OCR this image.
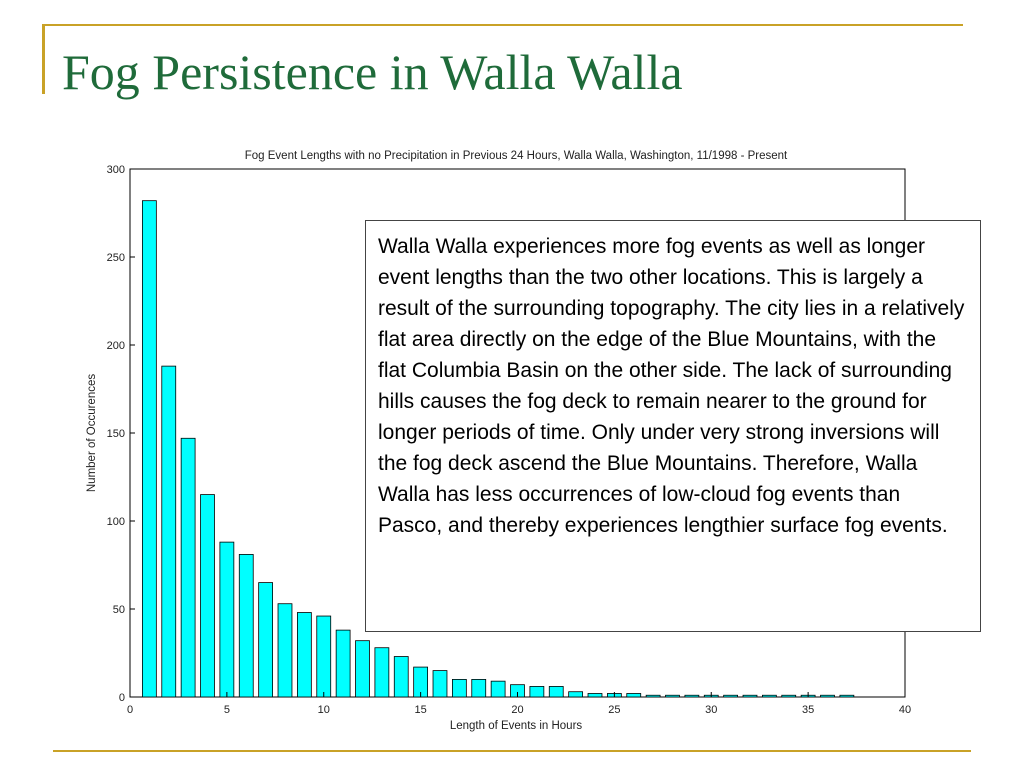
Fog Persistence in Walla Walla
Fog Event Lengths with no Precipitation in Previous 24 Hours, Walla Walla, Washington, 11/1998 - Present
Length of Events in Hours
Number of Occurences
0	5	10	15	20	25	30	35	40
0
50
100
150
200
250
300
Walla Walla experiences more fog events as well as longer event lengths than the two other locations. This is largely a result of the surrounding topography. The city lies in a relatively flat area directly on the edge of the Blue Mountains, with the flat Columbia Basin on the other side. The lack of surrounding hills causes the fog deck to remain nearer to the ground for longer periods of time. Only under very strong inversions will the fog deck ascend the Blue Mountains. Therefore, Walla Walla has less occurrences of low-cloud fog events than Pasco, and thereby experiences lengthier surface fog events.
